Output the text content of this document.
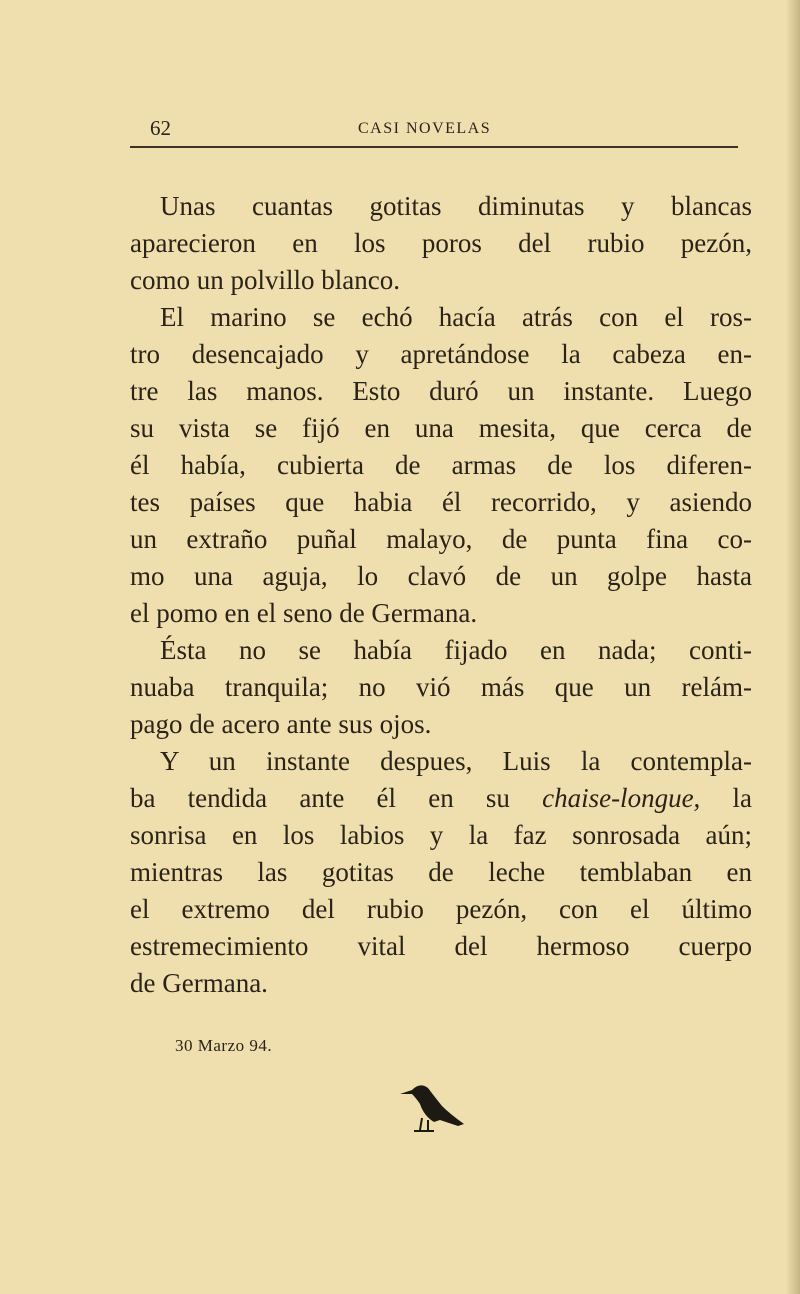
62	CASI NOVELAS
Unas cuantas gotitas diminutas y blancas
aparecieron en los poros del rubio pezón,
como un polvillo blanco.
El marino se echó hacía atrás con el ros-
tro desencajado y apretándose la cabeza en-
tre las manos. Esto duró un instante. Luego
su vista se fijó en una mesita, que cerca de
él había, cubierta de armas de los diferen-
tes países que habia él recorrido, y asiendo
un extraño puñal malayo, de punta fina co-
mo una aguja, lo clavó de un golpe hasta
el pomo en el seno de Germana.
Ésta no se había fijado en nada; conti-
nuaba tranquila; no vió más que un relám-
pago de acero ante sus ojos.
Y un instante despues, Luis la contempla-
ba tendida ante él en su chaise-longue, la
sonrisa en los labios y la faz sonrosada aún;
mientras las gotitas de leche temblaban en
el extremo del rubio pezón, con el último
estremecimiento vital del hermoso cuerpo
de Germana.
30 Marzo 94.
